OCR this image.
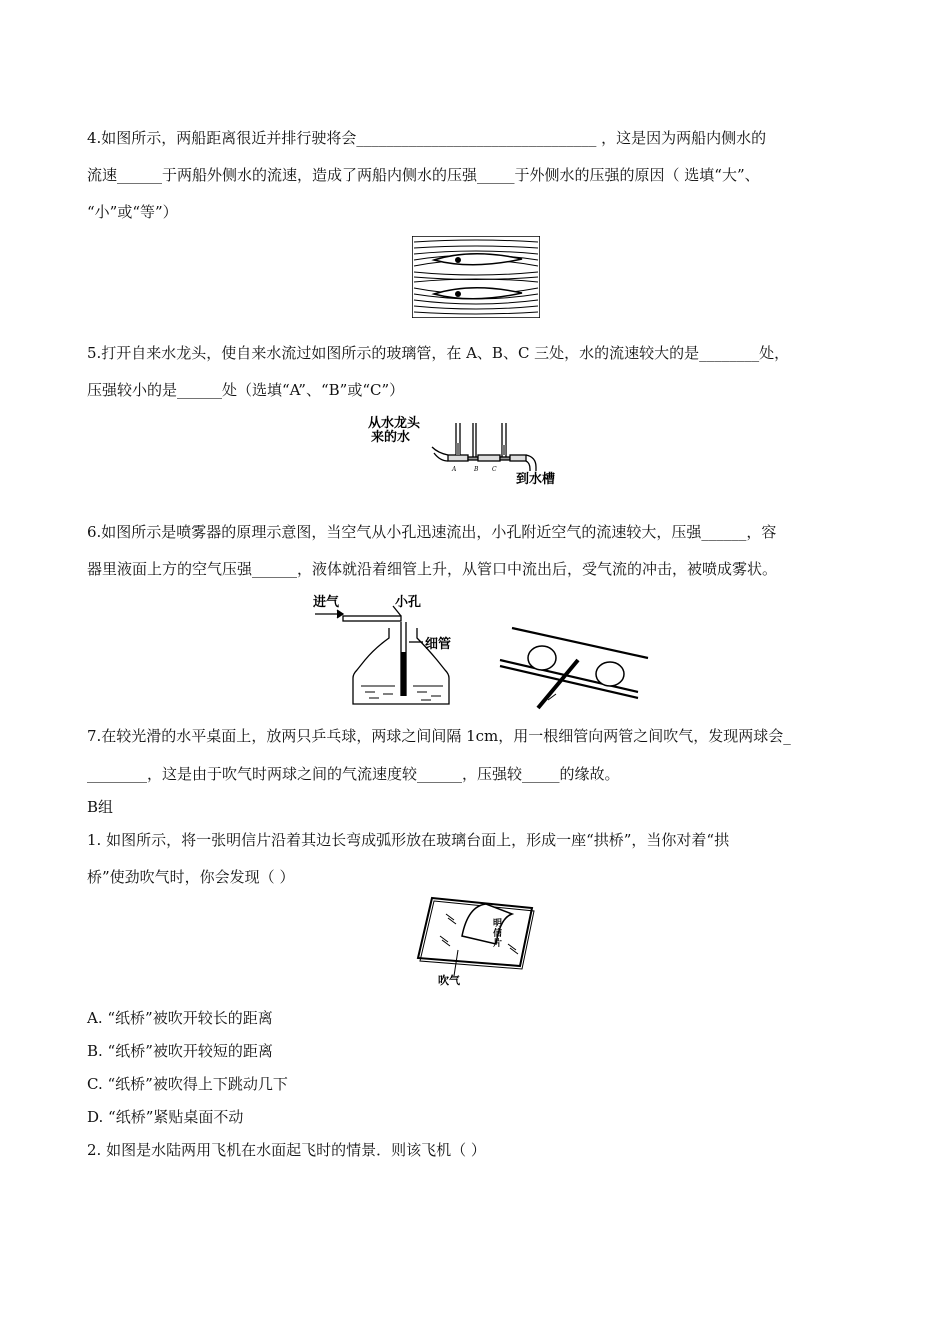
4.如图所示，两船距离很近并排行驶将会________________________________ ，这是因为两船内侧水的
流速______于两船外侧水的流速，造成了两船内侧水的压强_____于外侧水的压强的原因（ 选填“大”、
“小”或“等”）
5.打开自来水龙头，使自来水流过如图所示的玻璃管，在 A、B、C 三处，水的流速较大的是________处，
压强较小的是______处（选填“A”、“B”或“C”）
从水龙头
来的水
A	B C
到水槽
6.如图所示是喷雾器的原理示意图，当空气从小孔迅速流出，小孔附近空气的流速较大，压强______，容
器里液面上方的空气压强______，液体就沿着细管上升，从管口中流出后，受气流的冲击，被喷成雾状。
进气	小孔
细管
7.在较光滑的水平桌面上，放两只乒乓球，两球之间间隔 1cm，用一根细管向两管之间吹气，发现两球会_
________，这是由于吹气时两球之间的气流速度较______，压强较_____的缘故。
B组
1. 如图所示，将一张明信片沿着其边长弯成弧形放在玻璃台面上，形成一座“拱桥”，当你对着“拱
桥”使劲吹气时，你会发现（ ）
明信片
吹气
A. “纸桥”被吹开较长的距离
B. “纸桥”被吹开较短的距离
C. “纸桥”被吹得上下跳动几下
D. “纸桥”紧贴桌面不动
2. 如图是水陆两用飞机在水面起飞时的情景．则该飞机（ ）
